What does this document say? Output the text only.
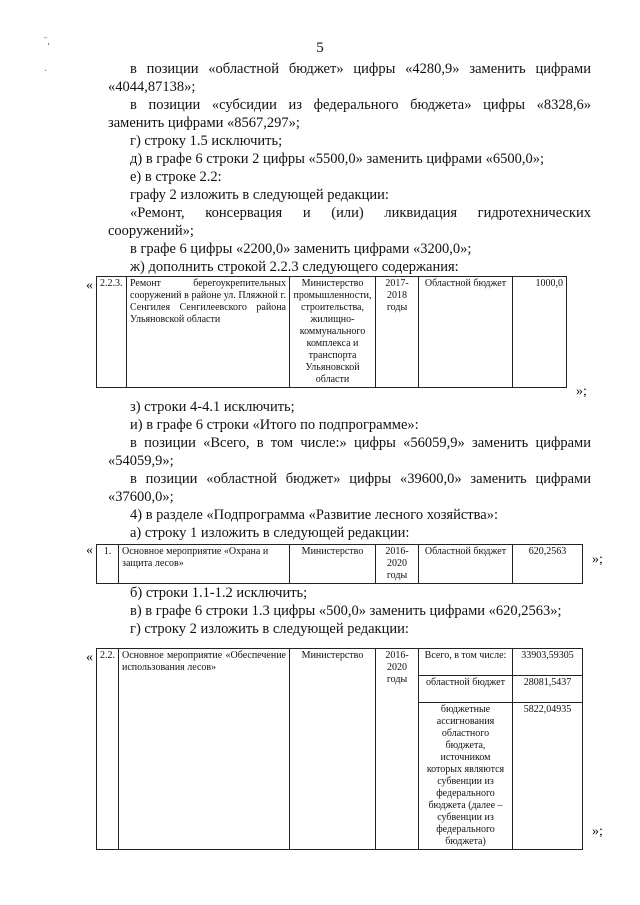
ˉ,
·
5

в позиции «областной бюджет» цифры «4280,9» заменить цифрами «4044,87138»;

в позиции «субсидии из федерального бюджета» цифры «8328,6» заменить цифрами «8567,297»;

г) строку 1.5 исключить;

д) в графе 6 строки 2 цифры «5500,0» заменить цифрами «6500,0»;

е) в строке 2.2:

графу 2 изложить в следующей редакции:

«Ремонт, консервация и (или) ликвидация гидротехнических сооружений»;

в графе 6 цифры «2200,0» заменить цифрами «3200,0»;

ж) дополнить строкой 2.2.3 следующего содержания:

« 2.2.3.	Ремонт берегоукрепительных сооружений в районе ул. Пляжной г. Сенгилея Сенгилеевского района Ульяновской области	Министерство промышленности, строительства, жилищно-коммунального комплекса и транспорта Ульяновской области	2017-2018 годы	Областной бюджет	1000,0
»;

з) строки 4-4.1 исключить;

и) в графе 6 строки «Итого по подпрограмме»:

в позиции «Всего, в том числе:» цифры «56059,9» заменить цифрами «54059,9»;

в позиции «областной бюджет» цифры «39600,0» заменить цифрами «37600,0»;

4) в разделе «Подпрограмма «Развитие лесного хозяйства»:

а) строку 1 изложить в следующей редакции:

« 1.	Основное мероприятие «Охрана и защита лесов»	Министерство	2016-2020 годы	Областной бюджет	620,2563
»;

б) строки 1.1-1.2 исключить;

в) в графе 6 строки 1.3 цифры «500,0» заменить цифрами «620,2563»;

г) строку 2 изложить в следующей редакции:

« 2.2.	Основное мероприятие «Обеспечение использования лесов»	Министерство	2016-2020 годы	Всего, в том числе:	33903,59305
				областной бюджет	28081,5437
				бюджетные ассигнования областного бюджета, источником которых являются субвенции из федерального бюджета (далее – субвенции из федерального бюджета)	5822,04935
»;
